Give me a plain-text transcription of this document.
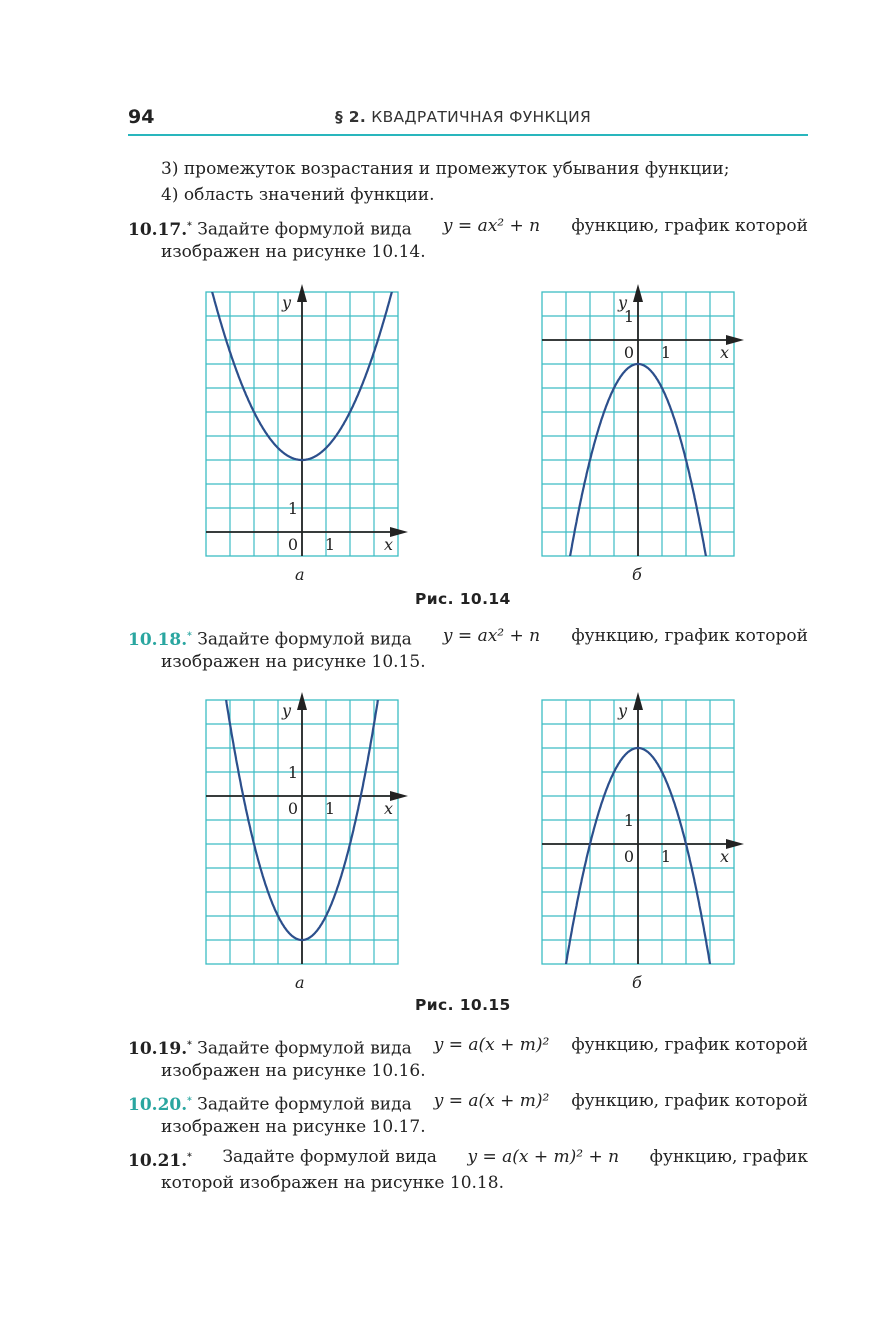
94	§ 2. КВАДРАТИЧНАЯ ФУНКЦИЯ
3) промежуток возрастания и промежуток убывания функции;
4) область значений функции.
10.17.* Задайте формулой вида y = ax² + n функцию, график которой
изображен на рисунке 10.14.
y
x
0 1
1
y
x
0 1
1
а	б
Рис. 10.14
10.18.* Задайте формулой вида y = ax² + n функцию, график которой
изображен на рисунке 10.15.
y
x
0 1
1
y
x
0 1
1
а	б
Рис. 10.15
10.19.* Задайте формулой вида y = a(x + m)² функцию, график которой
изображен на рисунке 10.16.
10.20.* Задайте формулой вида y = a(x + m)² функцию, график которой
изображен на рисунке 10.17.
10.21.* Задайте формулой вида y = a(x + m)² + n функцию, график
которой изображен на рисунке 10.18.
